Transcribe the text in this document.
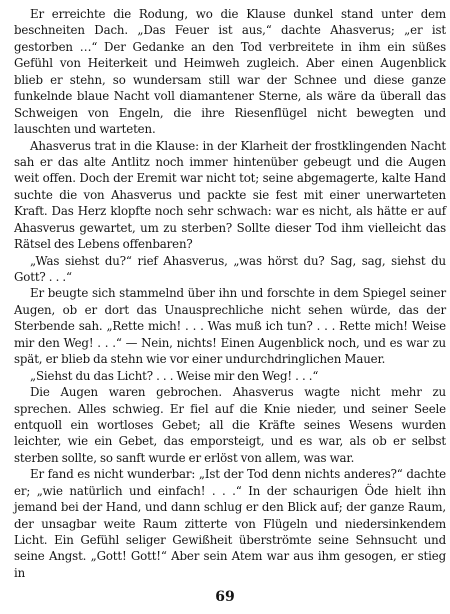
Er erreichte die Rodung, wo die Klause dunkel stand unter dem beschneiten Dach. „Das Feuer ist aus,“ dachte Ahasverus; „er ist gestorben …“ Der Gedanke an den Tod verbreitete in ihm ein süßes Gefühl von Heiterkeit und Heimweh zugleich. Aber einen Augenblick blieb er stehn, so wundersam still war der Schnee und diese ganze funkelnde blaue Nacht voll diamantener Sterne, als wäre da überall das Schweigen von Engeln, die ihre Riesenflügel nicht bewegten und lauschten und warteten.

Ahasverus trat in die Klause: in der Klarheit der frostklingenden Nacht sah er das alte Antlitz noch immer hintenüber gebeugt und die Augen weit offen. Doch der Eremit war nicht tot; seine abgemagerte, kalte Hand suchte die von Ahasverus und packte sie fest mit einer unerwarteten Kraft. Das Herz klopfte noch sehr schwach: war es nicht, als hätte er auf Ahasverus gewartet, um zu sterben? Sollte dieser Tod ihm vielleicht das Rätsel des Lebens offenbaren?

„Was siehst du?“ rief Ahasverus, „was hörst du? Sag, sag, siehst du Gott? . . .“

Er beugte sich stammelnd über ihn und forschte in dem Spiegel seiner Augen, ob er dort das Unausprechliche nicht sehen würde, das der Sterbende sah. „Rette mich! . . . Was muß ich tun? . . . Rette mich! Weise mir den Weg! . . .“ — Nein, nichts! Einen Augenblick noch, und es war zu spät, er blieb da stehn wie vor einer undurchdringlichen Mauer.

„Siehst du das Licht? . . . Weise mir den Weg! . . .“

Die Augen waren gebrochen. Ahasverus wagte nicht mehr zu sprechen. Alles schwieg. Er fiel auf die Knie nieder, und seiner Seele entquoll ein wortloses Gebet; all die Kräfte seines Wesens wurden leichter, wie ein Gebet, das emporsteigt, und es war, als ob er selbst sterben sollte, so sanft wurde er erlöst von allem, was war.

Er fand es nicht wunderbar: „Ist der Tod denn nichts anderes?“ dachte er; „wie natürlich und einfach! . . .“ In der schaurigen Öde hielt ihn jemand bei der Hand, und dann schlug er den Blick auf; der ganze Raum, der unsagbar weite Raum zitterte von Flügeln und niedersinkendem Licht. Ein Gefühl seliger Gewißheit überströmte seine Sehnsucht und seine Angst. „Gott! Gott!“ Aber sein Atem war aus ihm gesogen, er stieg in

69
